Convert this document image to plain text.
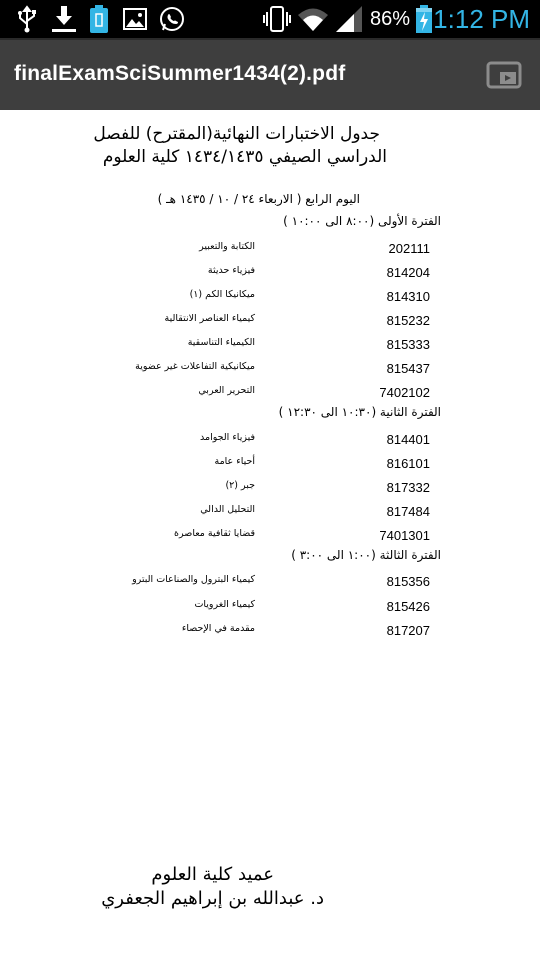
86% 1:12 PM
finalExamSciSummer1434(2).pdf
جدول الاختبارات النهائية(المقترح) للفصل
الدراسي الصيفي ١٤٣٤/١٤٣٥ كلية العلوم
اليوم الرابع ( الاربعاء ٢٤ / ١٠ / ١٤٣٥ هـ )
الفترة الأولى (٨:٠٠ الى ١٠:٠٠ )
202111
الكتابة والتعبير
814204
فيزياء حديثة
814310
ميكانيكا الكم (١)
815232
كيمياء العناصر الانتقالية
815333
الكيمياء التناسقية
815437
ميكانيكية التفاعلات غير عضوية
7402102
التحرير العربي
الفترة الثانية (١٠:٣٠ الى ١٢:٣٠ )
814401
فيزياء الجوامد
816101
أحياء عامة
817332
جبر (٢)
817484
التحليل الدالي
7401301
قضايا ثقافية معاصرة
الفترة الثالثة (١:٠٠ الى ٣:٠٠ )
815356
كيمياء البترول والصناعات البترو
815426
كيمياء الغرويات
817207
مقدمة في الإحصاء
عميد كلية العلوم
د. عبدالله بن إبراهيم الجعفري
